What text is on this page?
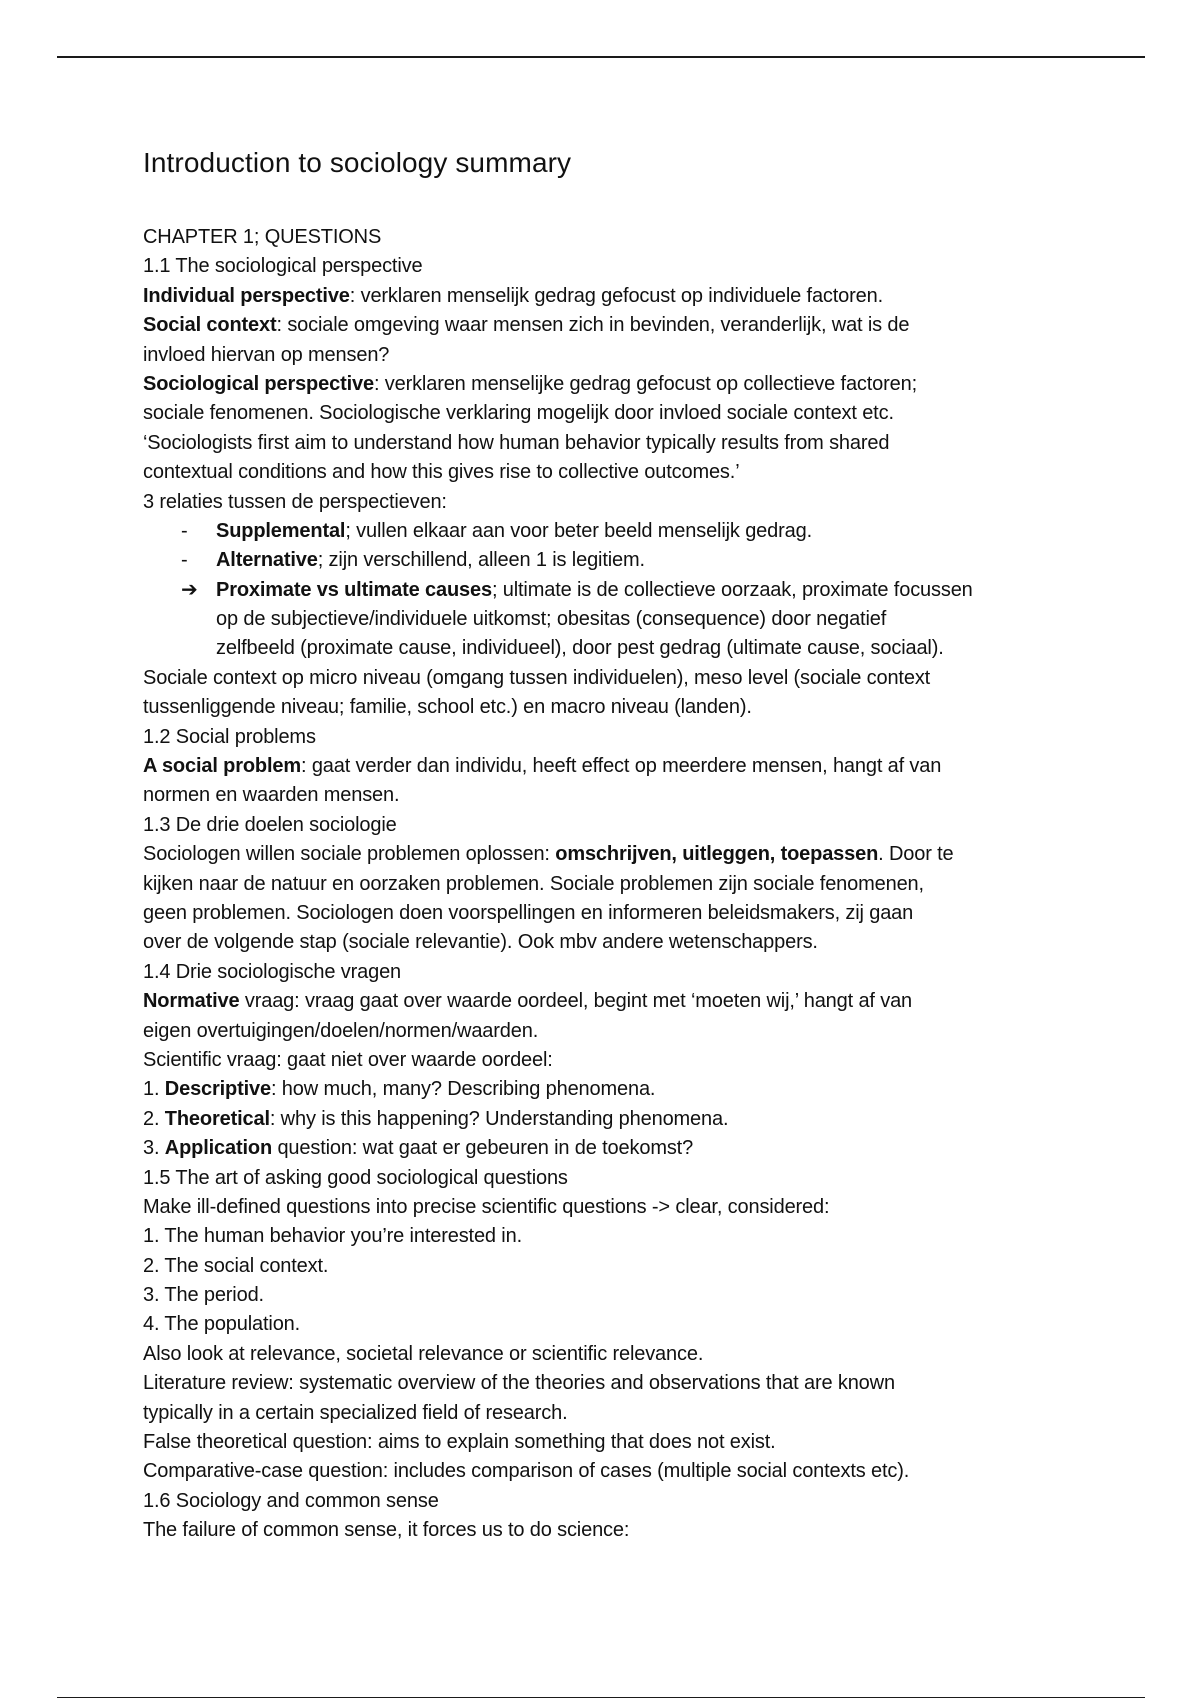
Introduction to sociology summary
CHAPTER 1; QUESTIONS
1.1 The sociological perspective
Individual perspective: verklaren menselijk gedrag gefocust op individuele factoren.
Social context: sociale omgeving waar mensen zich in bevinden, veranderlijk, wat is de
invloed hiervan op mensen?
Sociological perspective: verklaren menselijke gedrag gefocust op collectieve factoren;
sociale fenomenen. Sociologische verklaring mogelijk door invloed sociale context etc.
‘Sociologists first aim to understand how human behavior typically results from shared
contextual conditions and how this gives rise to collective outcomes.’
3 relaties tussen de perspectieven:
-	Supplemental; vullen elkaar aan voor beter beeld menselijk gedrag.
-	Alternative; zijn verschillend, alleen 1 is legitiem.
➔ Proximate vs ultimate causes; ultimate is de collectieve oorzaak, proximate focussen
op de subjectieve/individuele uitkomst; obesitas (consequence) door negatief
zelfbeeld (proximate cause, individueel), door pest gedrag (ultimate cause, sociaal).
Sociale context op micro niveau (omgang tussen individuelen), meso level (sociale context
tussenliggende niveau; familie, school etc.) en macro niveau (landen).
1.2 Social problems
A social problem: gaat verder dan individu, heeft effect op meerdere mensen, hangt af van
normen en waarden mensen.
1.3 De drie doelen sociologie
Sociologen willen sociale problemen oplossen: omschrijven, uitleggen, toepassen. Door te
kijken naar de natuur en oorzaken problemen. Sociale problemen zijn sociale fenomenen,
geen problemen. Sociologen doen voorspellingen en informeren beleidsmakers, zij gaan
over de volgende stap (sociale relevantie). Ook mbv andere wetenschappers.
1.4 Drie sociologische vragen
Normative vraag: vraag gaat over waarde oordeel, begint met ‘moeten wij,’ hangt af van
eigen overtuigingen/doelen/normen/waarden.
Scientific vraag: gaat niet over waarde oordeel:
1. Descriptive: how much, many? Describing phenomena.
2. Theoretical: why is this happening? Understanding phenomena.
3. Application question: wat gaat er gebeuren in de toekomst?
1.5 The art of asking good sociological questions
Make ill-defined questions into precise scientific questions -> clear, considered:
1. The human behavior you’re interested in.
2. The social context.
3. The period.
4. The population.
Also look at relevance, societal relevance or scientific relevance.
Literature review: systematic overview of the theories and observations that are known
typically in a certain specialized field of research.
False theoretical question: aims to explain something that does not exist.
Comparative-case question: includes comparison of cases (multiple social contexts etc).
1.6 Sociology and common sense
The failure of common sense, it forces us to do science:
